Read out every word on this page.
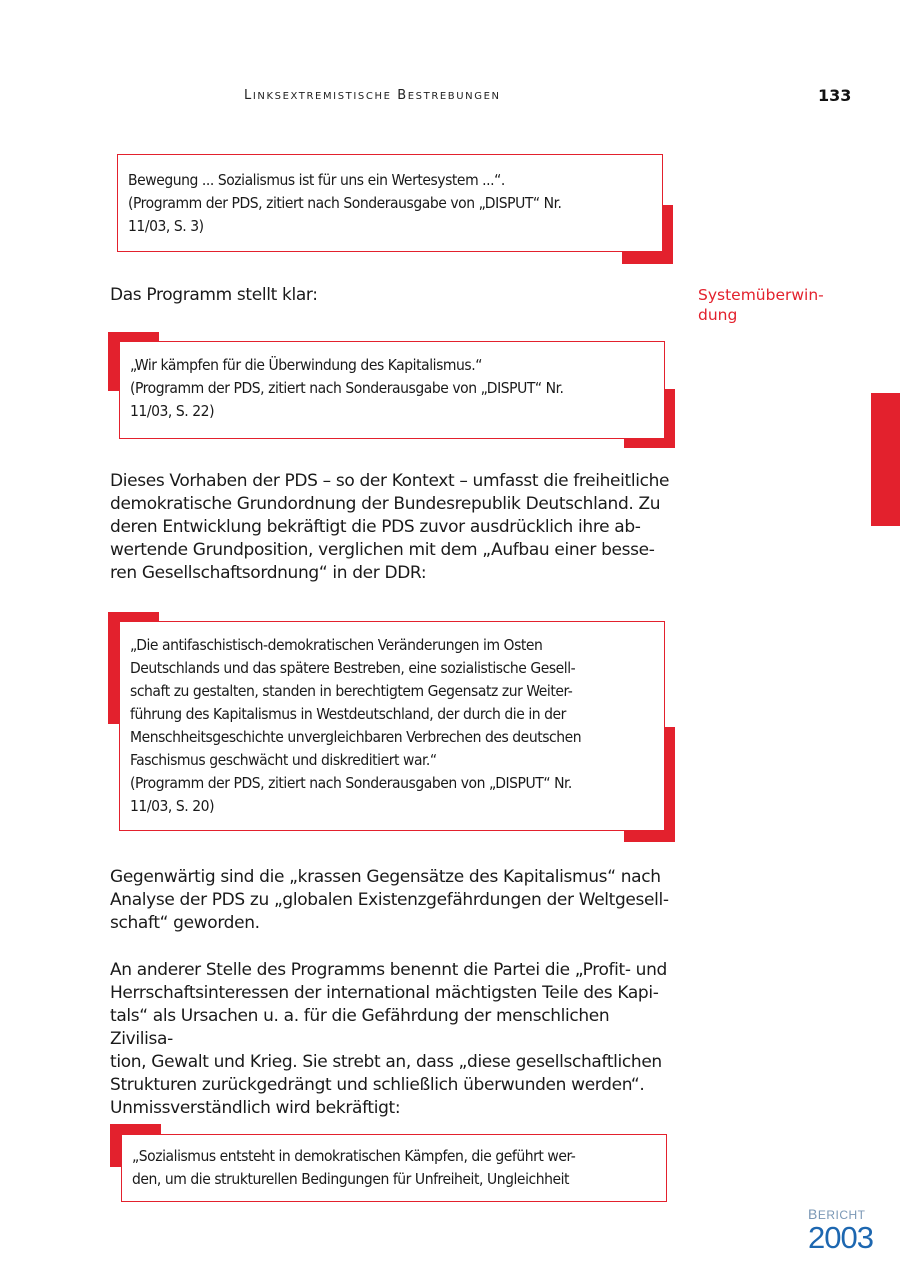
LINKSEXTREMISTISCHE BESTREBUNGEN	133

Bewegung ... Sozialismus ist für uns ein Wertesystem ...“.

(Programm der PDS, zitiert nach Sonderausgabe von „DISPUT“ Nr.

11/03, S. 3)

Das Programm stellt klar:	Systemüberwin-
dung

„Wir kämpfen für die Überwindung des Kapitalismus.“

(Programm der PDS, zitiert nach Sonderausgabe von „DISPUT“ Nr.

11/03, S. 22)

Dieses Vorhaben der PDS – so der Kontext – umfasst die freiheitliche
demokratische Grundordnung der Bundesrepublik Deutschland. Zu
deren Entwicklung bekräftigt die PDS zuvor ausdrücklich ihre ab-
wertende Grundposition, verglichen mit dem „Aufbau einer besse-
ren Gesellschaftsordnung“ in der DDR:

„Die antifaschistisch-demokratischen Veränderungen im Osten

Deutschlands und das spätere Bestreben, eine sozialistische Gesell-

schaft zu gestalten, standen in berechtigtem Gegensatz zur Weiter-

führung des Kapitalismus in Westdeutschland, der durch die in der

Menschheitsgeschichte unvergleichbaren Verbrechen des deutschen

Faschismus geschwächt und diskreditiert war.“

(Programm der PDS, zitiert nach Sonderausgaben von „DISPUT“ Nr.

11/03, S. 20)

Gegenwärtig sind die „krassen Gegensätze des Kapitalismus“ nach
Analyse der PDS zu „globalen Existenzgefährdungen der Weltgesell-
schaft“ geworden.
An anderer Stelle des Programms benennt die Partei die „Profit- und
Herrschaftsinteressen der international mächtigsten Teile des Kapi-
tals“ als Ursachen u. a. für die Gefährdung der menschlichen Zivilisa-
tion, Gewalt und Krieg. Sie strebt an, dass „diese gesellschaftlichen
Strukturen zurückgedrängt und schließlich überwunden werden“.
Unmissverständlich wird bekräftigt:

„Sozialismus entsteht in demokratischen Kämpfen, die geführt wer-

den, um die strukturellen Bedingungen für Unfreiheit, Ungleichheit

BERICHT
2003
